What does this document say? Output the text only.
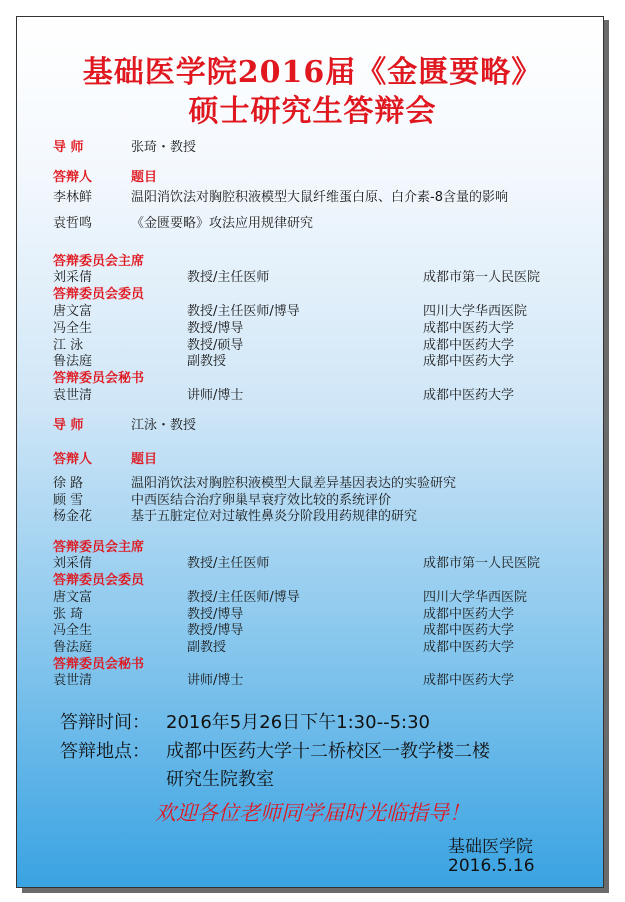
基础医学院2016届《金匮要略》
硕士研究生答辩会
导 师	张琦・教授
答辩人	题目
李林鲜	温阳消饮法对胸腔积液模型大鼠纤维蛋白原、白介素-8含量的影响
袁哲鸣	《金匮要略》攻法应用规律研究
答辩委员会主席
刘采倩	教授/主任医师	成都市第一人民医院
答辩委员会委员
唐文富	教授/主任医师/博导	四川大学华西医院
冯全生	教授/博导	成都中医药大学
江 泳	教授/硕导	成都中医药大学
鲁法庭	副教授	成都中医药大学
答辩委员会秘书
袁世清	讲师/博士	成都中医药大学
导 师	江泳・教授
答辩人	题目
徐 路	温阳消饮法对胸腔积液模型大鼠差异基因表达的实验研究
顾 雪	中西医结合治疗卵巢早衰疗效比较的系统评价
杨金花	基于五脏定位对过敏性鼻炎分阶段用药规律的研究
答辩委员会主席
刘采倩	教授/主任医师	成都市第一人民医院
答辩委员会委员
唐文富	教授/主任医师/博导	四川大学华西医院
张 琦	教授/博导	成都中医药大学
冯全生	教授/博导	成都中医药大学
鲁法庭	副教授	成都中医药大学
答辩委员会秘书
袁世清	讲师/博士	成都中医药大学
答辩时间： 2016年5月26日下午1:30--5:30
答辩地点： 成都中医药大学十二桥校区一教学楼二楼
研究生院教室
欢迎各位老师同学届时光临指导！
基础医学院
2016.5.16
